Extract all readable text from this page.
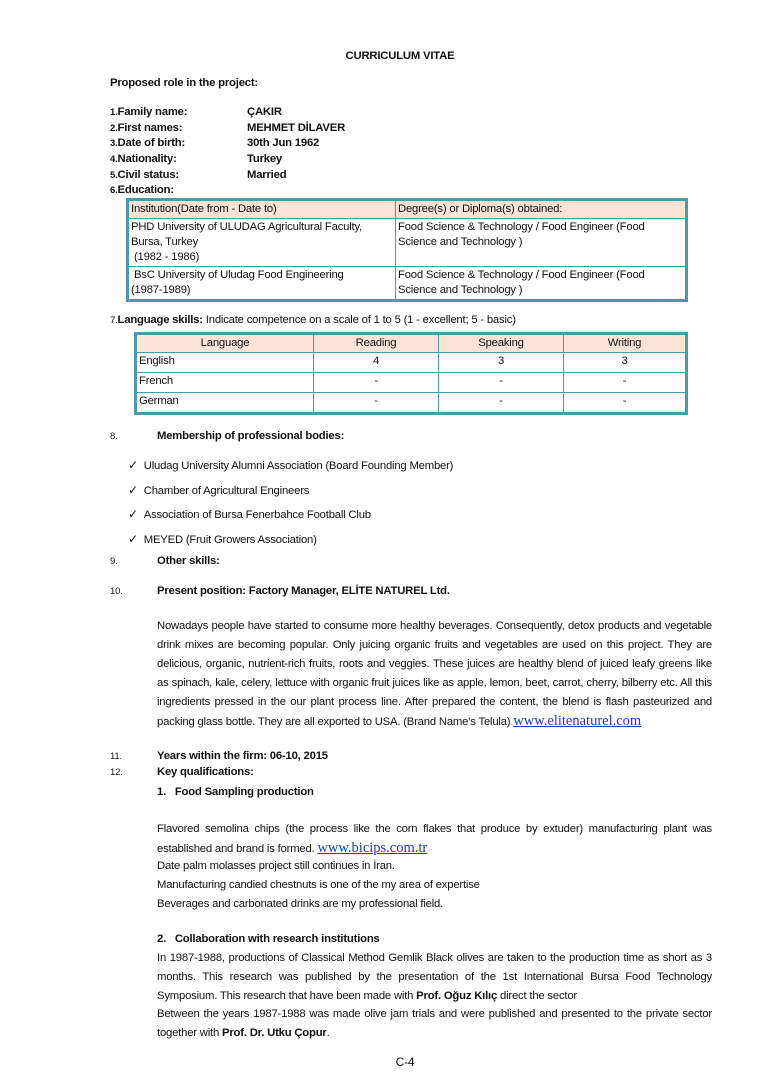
CURRICULUM VITAE
Proposed role in the project:
1.Family name:	ÇAKIR
2.First names:	MEHMET DİLAVER
3.Date of birth:	30th Jun 1962
4.Nationality:	Turkey
5.Civil status:	Married
6.Education:
Institution(Date from - Date to)	Degree(s) or Diploma(s) obtained:

PHD University of ULUDAG Agricultural Faculty,
Bursa, Turkey
(1982 - 1986)	Food Science & Technology / Food Engineer (Food Science and Technology )

BsC University of Uludag Food Engineering
(1987-1989)	Food Science & Technology / Food Engineer (Food Science and Technology )
7.Language skills: Indicate competence on a scale of 1 to 5 (1 - excellent; 5 - basic)
Language	Reading	Speaking	Writing
English	4	3	3
French	-	-	-
German	-	-	-
8.	Membership of professional bodies:
✓ Uludag University Alumni Association (Board Founding Member)
✓ Chamber of Agricultural Engineers
✓ Association of Bursa Fenerbahce Football Club
✓ MEYED (Fruit Growers Association)
9.	Other skills:
10.	Present position: Factory Manager, ELİTE NATUREL Ltd.
Nowadays people have started to consume more healthy beverages. Consequently, detox products and vegetable drink mixes are becoming popular. Only juicing organic fruits and vegetables are used on this project. They are delicious, organic, nutrient-rich fruits, roots and veggies. These juices are healthy blend of juiced leafy greens like as spinach, kale, celery, lettuce with organic fruit juices like as apple, lemon, beet, carrot, cherry, bilberry etc. All this ingredients pressed in the our plant process line. After prepared the content, the blend is flash pasteurized and packing glass bottle. They are all exported to USA. (Brand Name’s Telula) www.elitenaturel.com
11.	Years within the firm: 06-10, 2015
12.	Key qualifications:
1.   Food Sampling production
Flavored semolina chips (the process like the corn flakes that produce by extuder) manufacturing plant was established and brand is formed. www.bicips.com.tr
Date palm molasses project still continues in İran.
Manufacturing candied chestnuts is one of the my area of expertise
Beverages and carbonated drinks are my professional field.
2.   Collaboration with research institutions
In 1987-1988, productions of Classical Method Gemlik Black olives are taken to the production time as short as 3 months. This research was published by the presentation of the 1st International Bursa Food Technology Symposium. This research that have been made with Prof. Oğuz Kılıç direct the sector
Between the years 1987-1988 was made olive jam trials and were published and presented to the private sector together with Prof. Dr. Utku Çopur.
C-4
